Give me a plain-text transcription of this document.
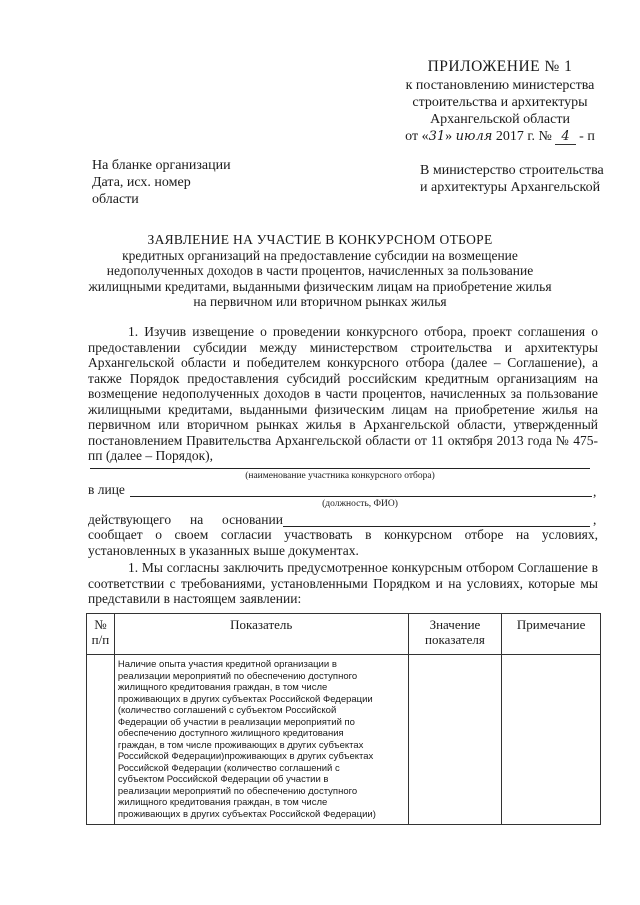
ПРИЛОЖЕНИЕ № 1
к постановлению министерства
строительства и архитектуры
Архангельской области
от «31» июля 2017 г. № 4 - п
На бланке организации
Дата, исх. номер
области
В министерство строительства
и архитектуры Архангельской
ЗАЯВЛЕНИЕ НА УЧАСТИЕ В КОНКУРСНОМ ОТБОРЕ
кредитных организаций на предоставление субсидии на возмещение
недополученных доходов в части процентов, начисленных за пользование
жилищными кредитами, выданными физическим лицам на приобретение жилья
на первичном или вторичном рынках жилья
1. Изучив извещение о проведении конкурсного отбора, проект соглашения о предоставлении субсидии между министерством строительства и архитектуры Архангельской области и победителем конкурсного отбора (далее – Соглашение), а также Порядок предоставления субсидий российским кредитным организациям на возмещение недополученных доходов в части процентов, начисленных за пользование жилищными кредитами, выданными физическим лицам на приобретение жилья на первичном или вторичном рынках жилья в Архангельской области, утвержденный постановлением Правительства Архангельской области от 11 октября 2013 года № 475-пп (далее – Порядок),
(наименование участника конкурсного отбора)
в лице	,
(должность, ФИО)
действующего на основании	,
сообщает о своем согласии участвовать в конкурсном отборе на условиях, установленных в указанных выше документах.
1. Мы согласны заключить предусмотренное конкурсным отбором Соглашение в соответствии с требованиями, установленными Порядком и на условиях, которые мы представили в настоящем заявлении:
№ п/п	Показатель	Значение показателя	Примечание

	Наличие опыта участия кредитной организации в реализации мероприятий по обеспечению доступного жилищного кредитования граждан, в том числе проживающих в других субъектах Российской Федерации (количество соглашений с субъектом Российской Федерации об участии в реализации мероприятий по обеспечению доступного жилищного кредитования граждан, в том числе проживающих в других субъектах Российской Федерации)проживающих в других субъектах Российской Федерации (количество соглашений с субъектом Российской Федерации об участии в реализации мероприятий по обеспечению доступного жилищного кредитования граждан, в том числе проживающих в других субъектах Российской Федерации)		
